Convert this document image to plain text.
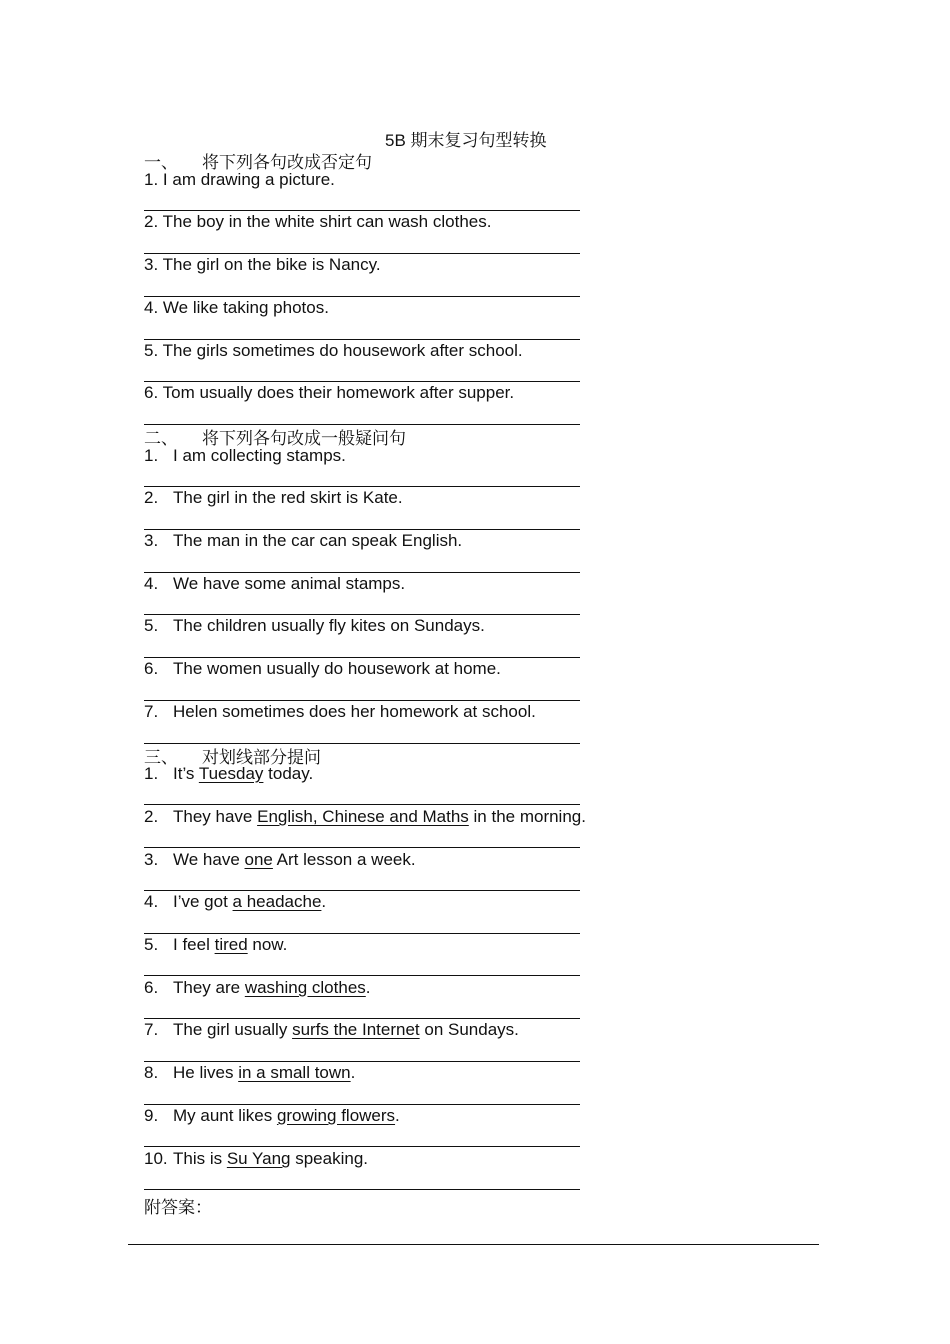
5B 期末复习句型转换
一、 将下列各句改成否定句
1. I am drawing a picture.
2. The boy in the white shirt can wash clothes.
3. The girl on the bike is Nancy.
4. We like taking photos.
5. The girls sometimes do housework after school.
6. Tom usually does their homework after supper.
二、 将下列各句改成一般疑问句
1. I am collecting stamps.
2. The girl in the red skirt is Kate.
3. The man in the car can speak English.
4. We have some animal stamps.
5. The children usually fly kites on Sundays.
6. The women usually do housework at home.
7. Helen sometimes does her homework at school.
三、 对划线部分提问
1. It’s Tuesday today.
2. They have English, Chinese and Maths in the morning.
3. We have one Art lesson a week.
4. I’ve got a headache.
5. I feel tired now.
6. They are washing clothes.
7. The girl usually surfs the Internet on Sundays.
8. He lives in a small town.
9. My aunt likes growing flowers.
10. This is Su Yang speaking.
附答案：
